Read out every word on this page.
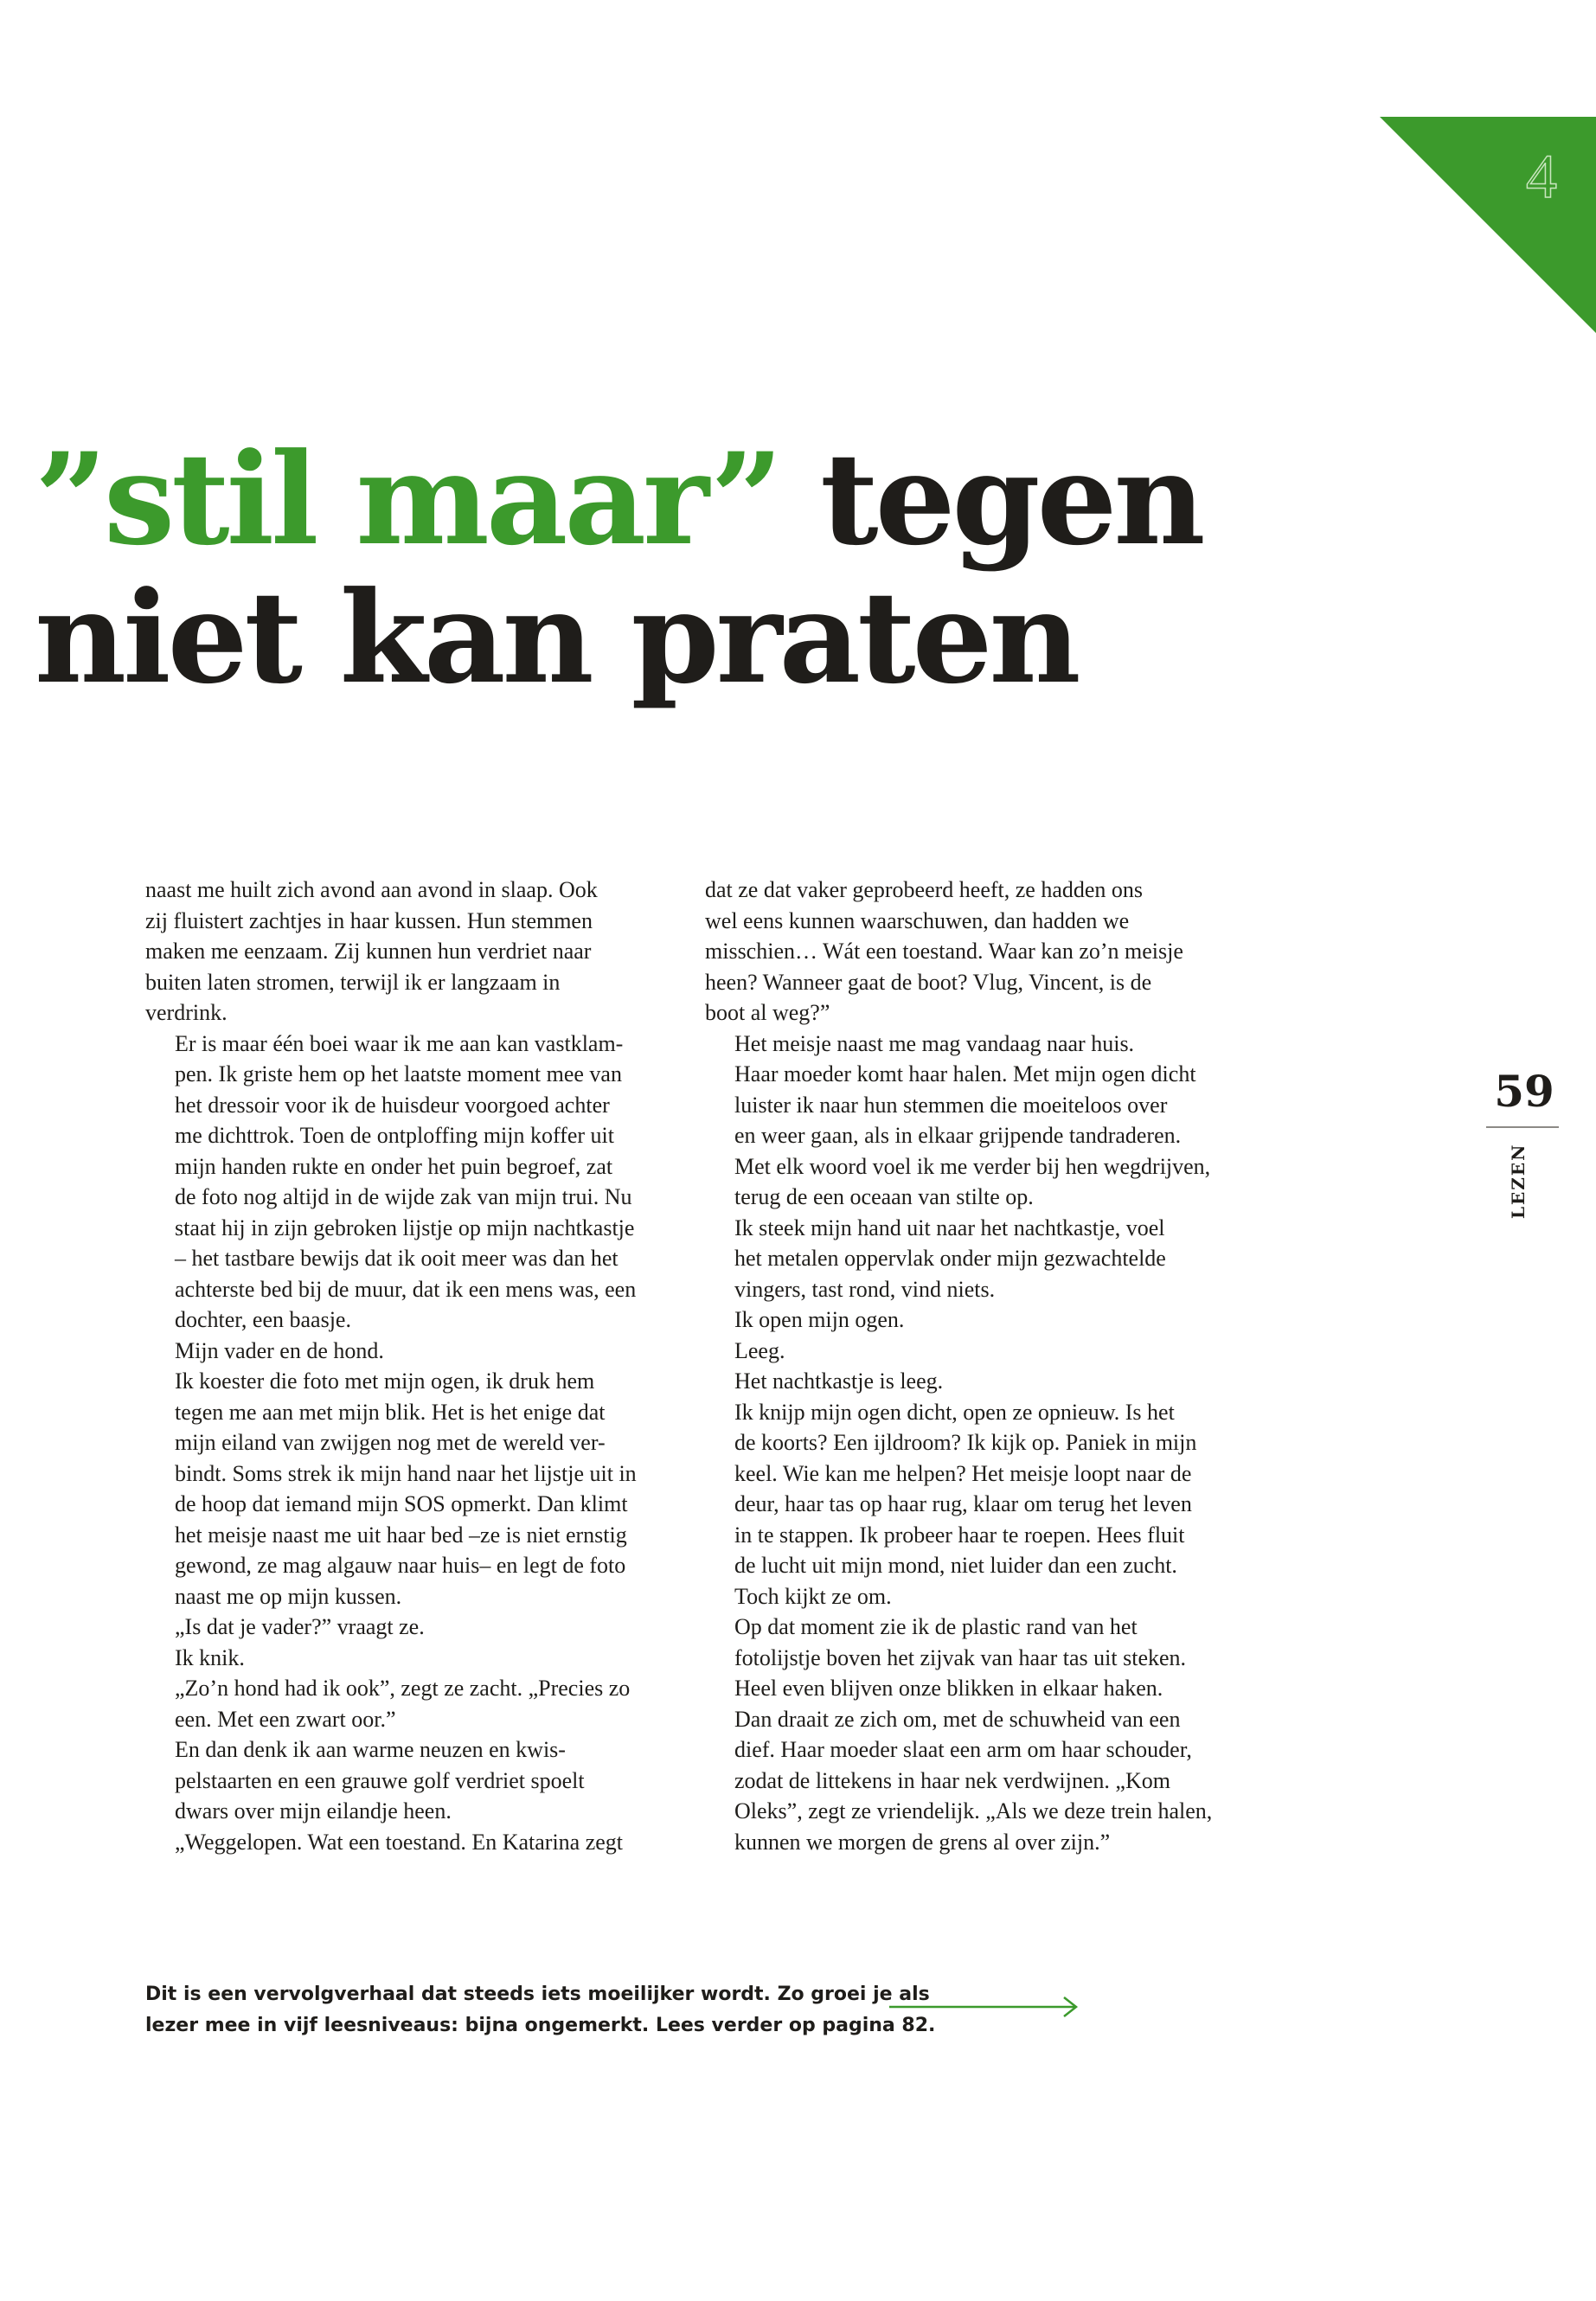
4
”stil maar” tegen
niet kan praten

naast me huilt zich avond aan avond in slaap. Ook
zij fluistert zachtjes in haar kussen. Hun stemmen
maken me eenzaam. Zij kunnen hun verdriet naar
buiten laten stromen, terwijl ik er langzaam in
verdrink.

Er is maar één boei waar ik me aan kan vastklam-
pen. Ik griste hem op het laatste moment mee van
het dressoir voor ik de huisdeur voorgoed achter
me dichttrok. Toen de ontploffing mijn koffer uit
mijn handen rukte en onder het puin begroef, zat
de foto nog altijd in de wijde zak van mijn trui. Nu
staat hij in zijn gebroken lijstje op mijn nachtkastje
– het tastbare bewijs dat ik ooit meer was dan het
achterste bed bij de muur, dat ik een mens was, een
dochter, een baasje.

Mijn vader en de hond.

Ik koester die foto met mijn ogen, ik druk hem
tegen me aan met mijn blik. Het is het enige dat
mijn eiland van zwijgen nog met de wereld ver-
bindt. Soms strek ik mijn hand naar het lijstje uit in
de hoop dat iemand mijn SOS opmerkt. Dan klimt
het meisje naast me uit haar bed –ze is niet ernstig
gewond, ze mag algauw naar huis– en legt de foto
naast me op mijn kussen.

„Is dat je vader?” vraagt ze.

Ik knik.

„Zo’n hond had ik ook”, zegt ze zacht. „Precies zo
een. Met een zwart oor.”

En dan denk ik aan warme neuzen en kwis-
pelstaarten en een grauwe golf verdriet spoelt
dwars over mijn eilandje heen.

„Weggelopen. Wat een toestand. En Katarina zegt

dat ze dat vaker geprobeerd heeft, ze hadden ons
wel eens kunnen waarschuwen, dan hadden we
misschien… Wát een toestand. Waar kan zo’n meisje
heen? Wanneer gaat de boot? Vlug, Vincent, is de
boot al weg?”

Het meisje naast me mag vandaag naar huis.
Haar moeder komt haar halen. Met mijn ogen dicht
luister ik naar hun stemmen die moeiteloos over
en weer gaan, als in elkaar grijpende tandraderen.
Met elk woord voel ik me verder bij hen wegdrijven,
terug de een oceaan van stilte op.

Ik steek mijn hand uit naar het nachtkastje, voel
het metalen oppervlak onder mijn gezwachtelde
vingers, tast rond, vind niets.

Ik open mijn ogen.

Leeg.

Het nachtkastje is leeg.

Ik knijp mijn ogen dicht, open ze opnieuw. Is het
de koorts? Een ijldroom? Ik kijk op. Paniek in mijn
keel. Wie kan me helpen? Het meisje loopt naar de
deur, haar tas op haar rug, klaar om terug het leven
in te stappen. Ik probeer haar te roepen. Hees fluit
de lucht uit mijn mond, niet luider dan een zucht.
Toch kijkt ze om.

Op dat moment zie ik de plastic rand van het
fotolijstje boven het zijvak van haar tas uit steken.

Heel even blijven onze blikken in elkaar haken.
Dan draait ze zich om, met de schuwheid van een
dief. Haar moeder slaat een arm om haar schouder,
zodat de littekens in haar nek verdwijnen. „Kom
Oleks”, zegt ze vriendelijk. „Als we deze trein halen,
kunnen we morgen de grens al over zijn.”

59
LEZEN
Dit is een vervolgverhaal dat steeds iets moeilijker wordt. Zo groei je als
lezer mee in vijf leesniveaus: bijna ongemerkt. Lees verder op pagina 82.
